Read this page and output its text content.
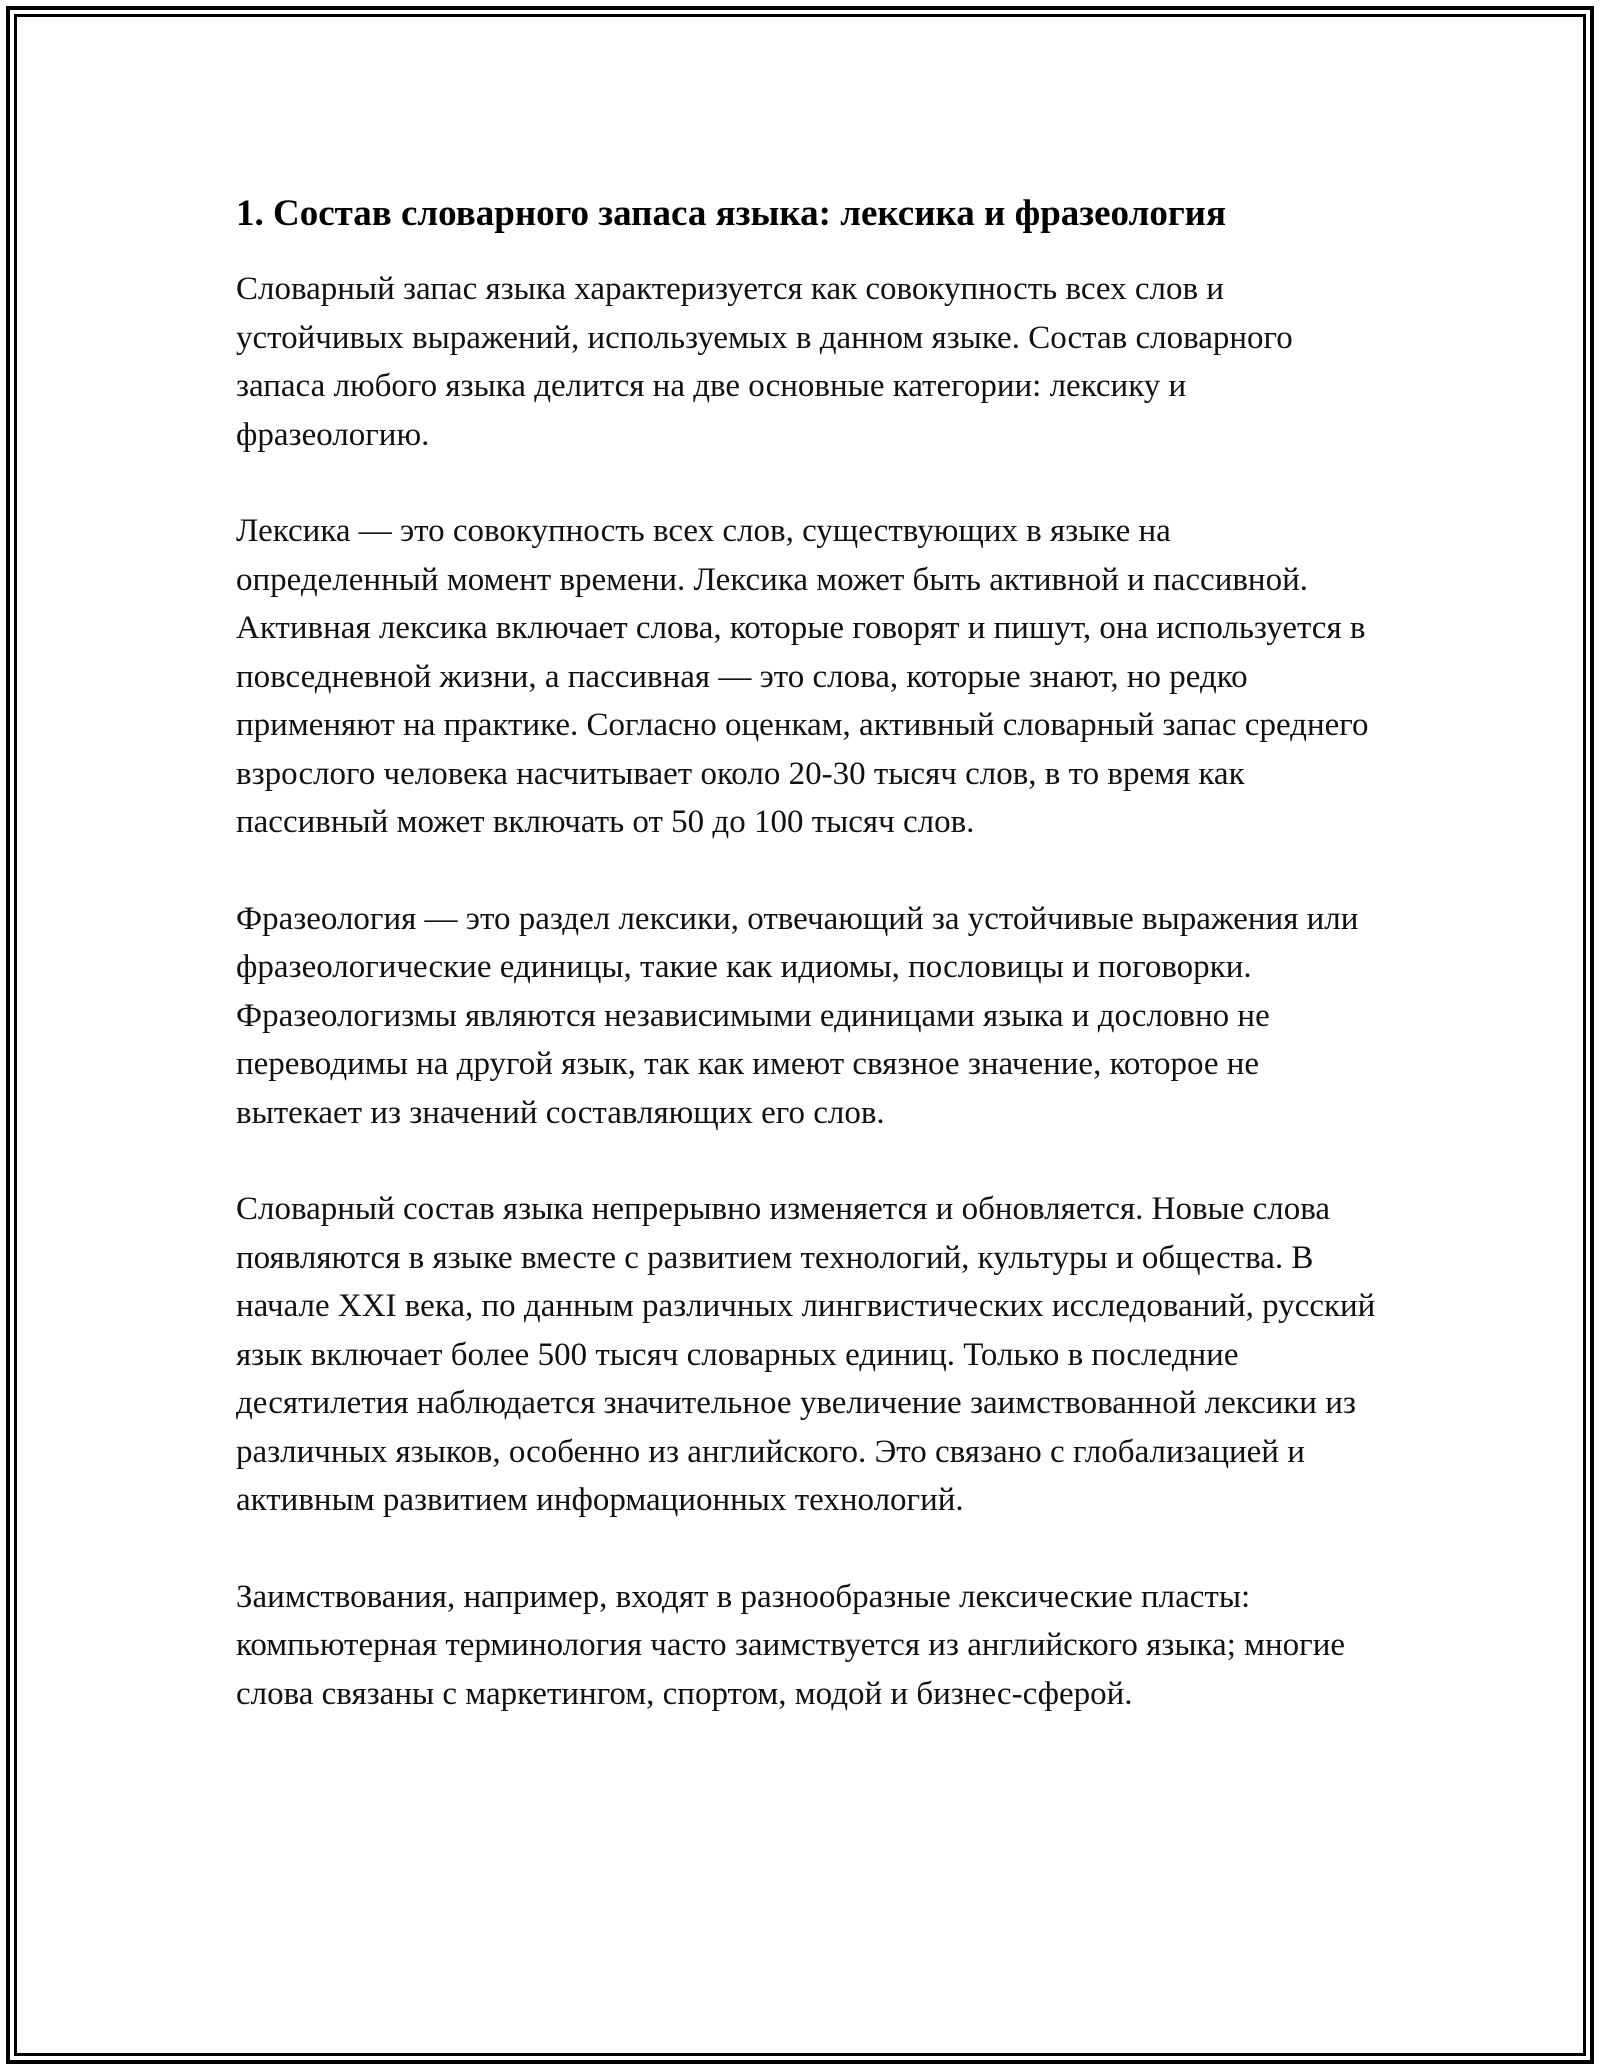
1. Состав словарного запаса языка: лексика и фразеология

Словарный запас языка характеризуется как совокупность всех слов и устойчивых выражений, используемых в данном языке. Состав словарного запаса любого языка делится на две основные категории: лексику и фразеологию.

Лексика — это совокупность всех слов, существующих в языке на определенный момент времени. Лексика может быть активной и пассивной. Активная лексика включает слова, которые говорят и пишут, она используется в повседневной жизни, а пассивная — это слова, которые знают, но редко применяют на практике. Согласно оценкам, активный словарный запас среднего взрослого человека насчитывает около 20-30 тысяч слов, в то время как пассивный может включать от 50 до 100 тысяч слов.

Фразеология — это раздел лексики, отвечающий за устойчивые выражения или фразеологические единицы, такие как идиомы, пословицы и поговорки. Фразеологизмы являются независимыми единицами языка и дословно не переводимы на другой язык, так как имеют связное значение, которое не вытекает из значений составляющих его слов.

Словарный состав языка непрерывно изменяется и обновляется. Новые слова появляются в языке вместе с развитием технологий, культуры и общества. В начале XXI века, по данным различных лингвистических исследований, русский язык включает более 500 тысяч словарных единиц. Только в последние десятилетия наблюдается значительное увеличение заимствованной лексики из различных языков, особенно из английского. Это связано с глобализацией и активным развитием информационных технологий.

Заимствования, например, входят в разнообразные лексические пласты: компьютерная терминология часто заимствуется из английского языка; многие слова связаны с маркетингом, спортом, модой и бизнес-сферой.
